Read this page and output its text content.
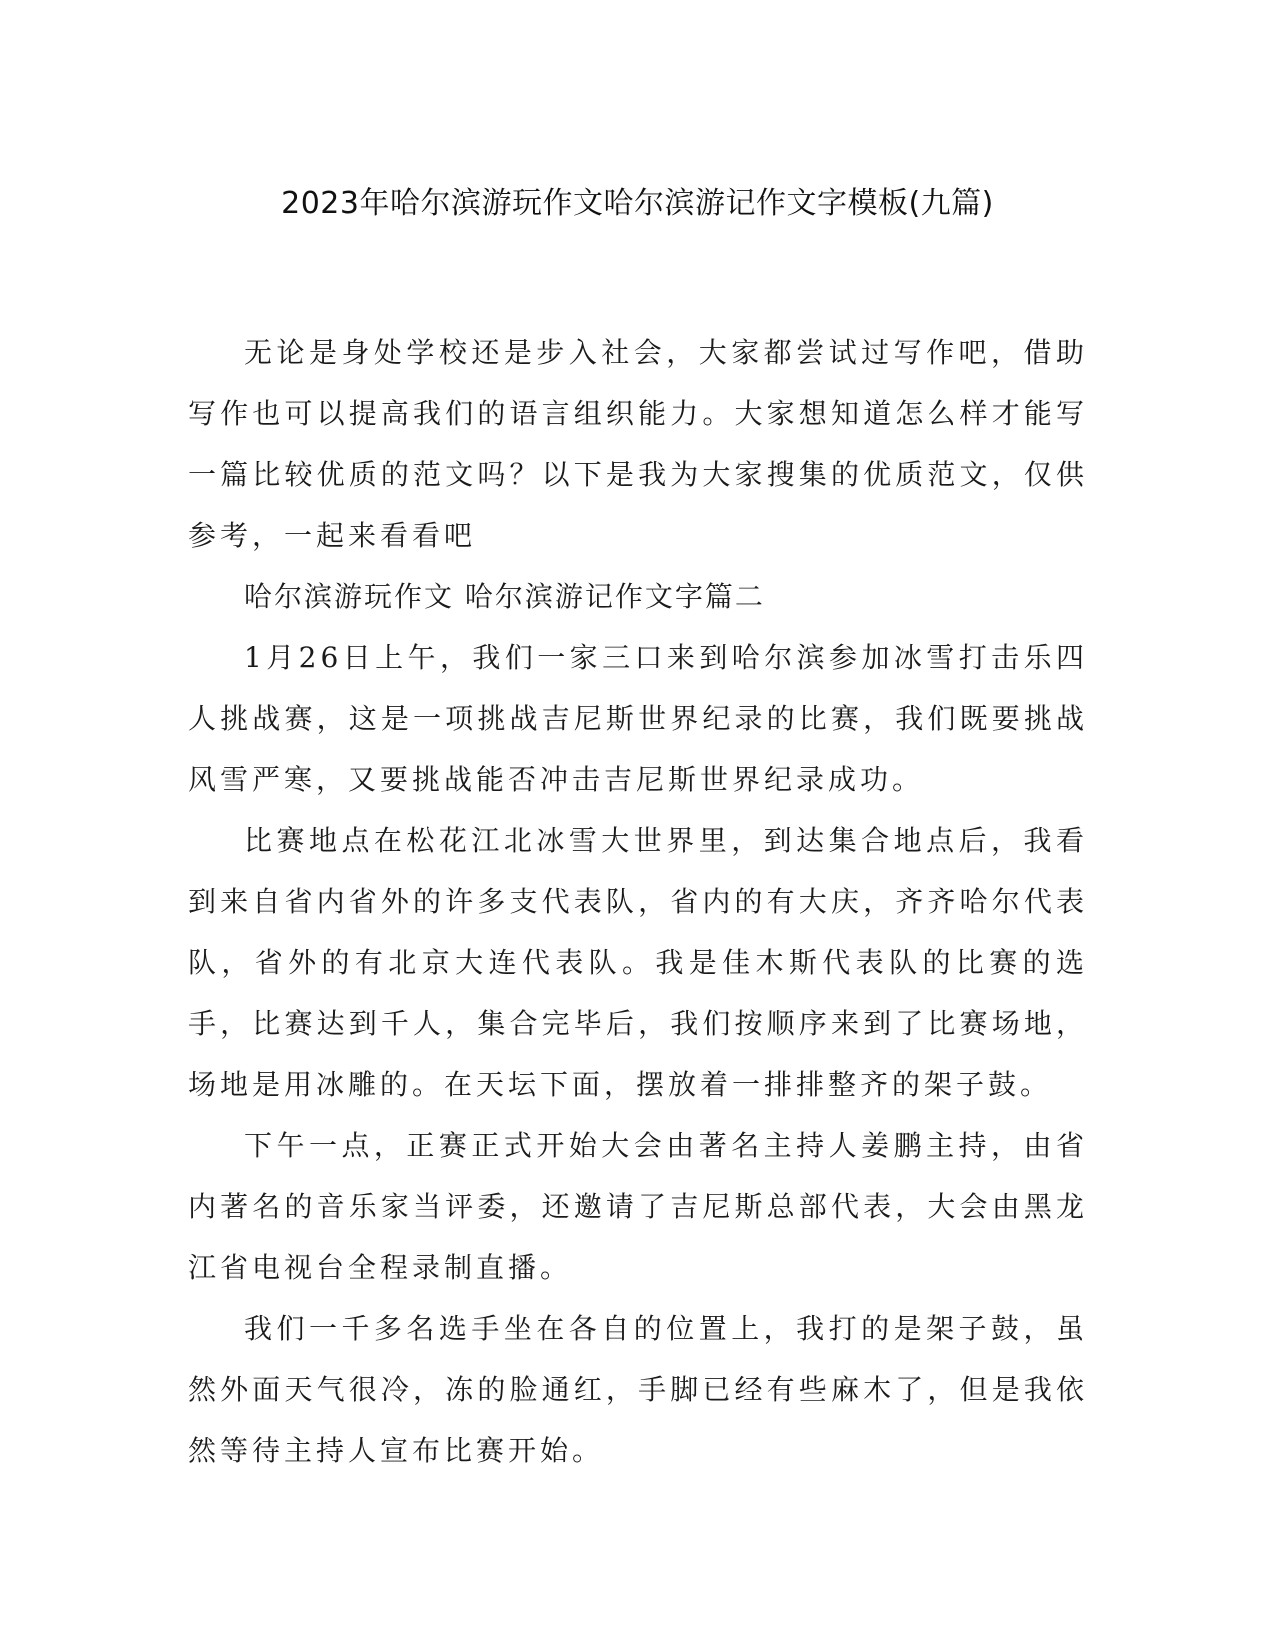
2023年哈尔滨游玩作文哈尔滨游记作文字模板(九篇)

无论是身处学校还是步入社会，大家都尝试过写作吧，借助写作也可以提高我们的语言组织能力。大家想知道怎么样才能写一篇比较优质的范文吗？以下是我为大家搜集的优质范文，仅供参考，一起来看看吧

哈尔滨游玩作文 哈尔滨游记作文字篇二

1月26日上午，我们一家三口来到哈尔滨参加冰雪打击乐四人挑战赛，这是一项挑战吉尼斯世界纪录的比赛，我们既要挑战风雪严寒，又要挑战能否冲击吉尼斯世界纪录成功。

比赛地点在松花江北冰雪大世界里，到达集合地点后，我看到来自省内省外的许多支代表队，省内的有大庆，齐齐哈尔代表队，省外的有北京大连代表队。我是佳木斯代表队的比赛的选手，比赛达到千人，集合完毕后，我们按顺序来到了比赛场地，场地是用冰雕的。在天坛下面，摆放着一排排整齐的架子鼓。

下午一点，正赛正式开始大会由著名主持人姜鹏主持，由省内著名的音乐家当评委，还邀请了吉尼斯总部代表，大会由黑龙江省电视台全程录制直播。

我们一千多名选手坐在各自的位置上，我打的是架子鼓，虽然外面天气很冷，冻的脸通红，手脚已经有些麻木了，但是我依然等待主持人宣布比赛开始。
